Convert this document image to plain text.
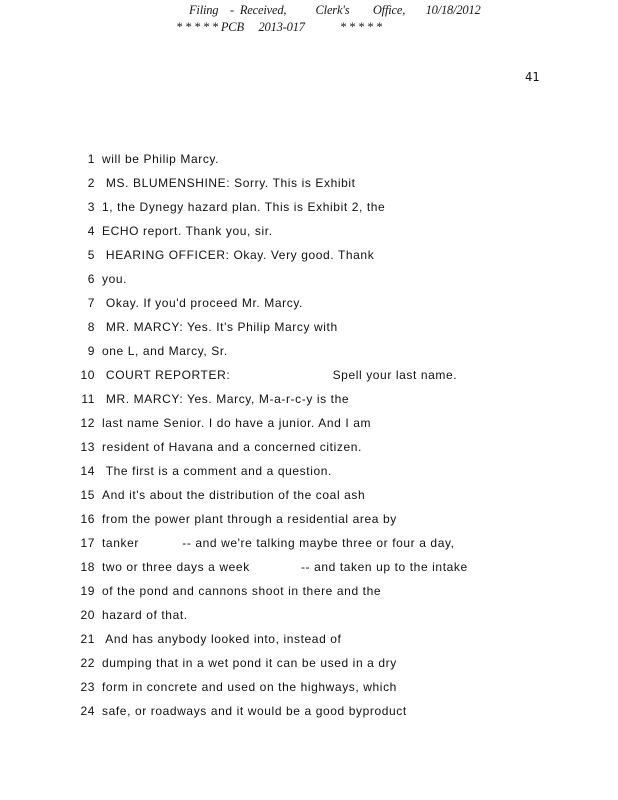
Filing    -  Received,          Clerk's        Office,       10/18/2012
* * * * * PCB     2013-017            * * * * *
41
1 will be Philip Marcy.
2 MS. BLUMENSHINE: Sorry. This is Exhibit
3 1, the Dynegy hazard plan. This is Exhibit 2, the
4 ECHO report. Thank you, sir.
5 HEARING OFFICER: Okay. Very good. Thank
6 you.
7 Okay. If you'd proceed Mr. Marcy.
8 MR. MARCY: Yes. It's Philip Marcy with
9 one L, and Marcy, Sr.
10 COURT REPORTER:                          Spell your last name.
11 MR. MARCY: Yes. Marcy, M-a-r-c-y is the
12 last name Senior. I do have a junior. And I am
13 resident of Havana and a concerned citizen.
14 The first is a comment and a question.
15 And it's about the distribution of the coal ash
16 from the power plant through a residential area by
17 tanker           -- and we're talking maybe three or four a day,
18 two or three days a week             -- and taken up to the intake
19 of the pond and cannons shoot in there and the
20 hazard of that.
21 And has anybody looked into, instead of
22 dumping that in a wet pond it can be used in a dry
23 form in concrete and used on the highways, which
24 safe, or roadways and it would be a good byproduct
